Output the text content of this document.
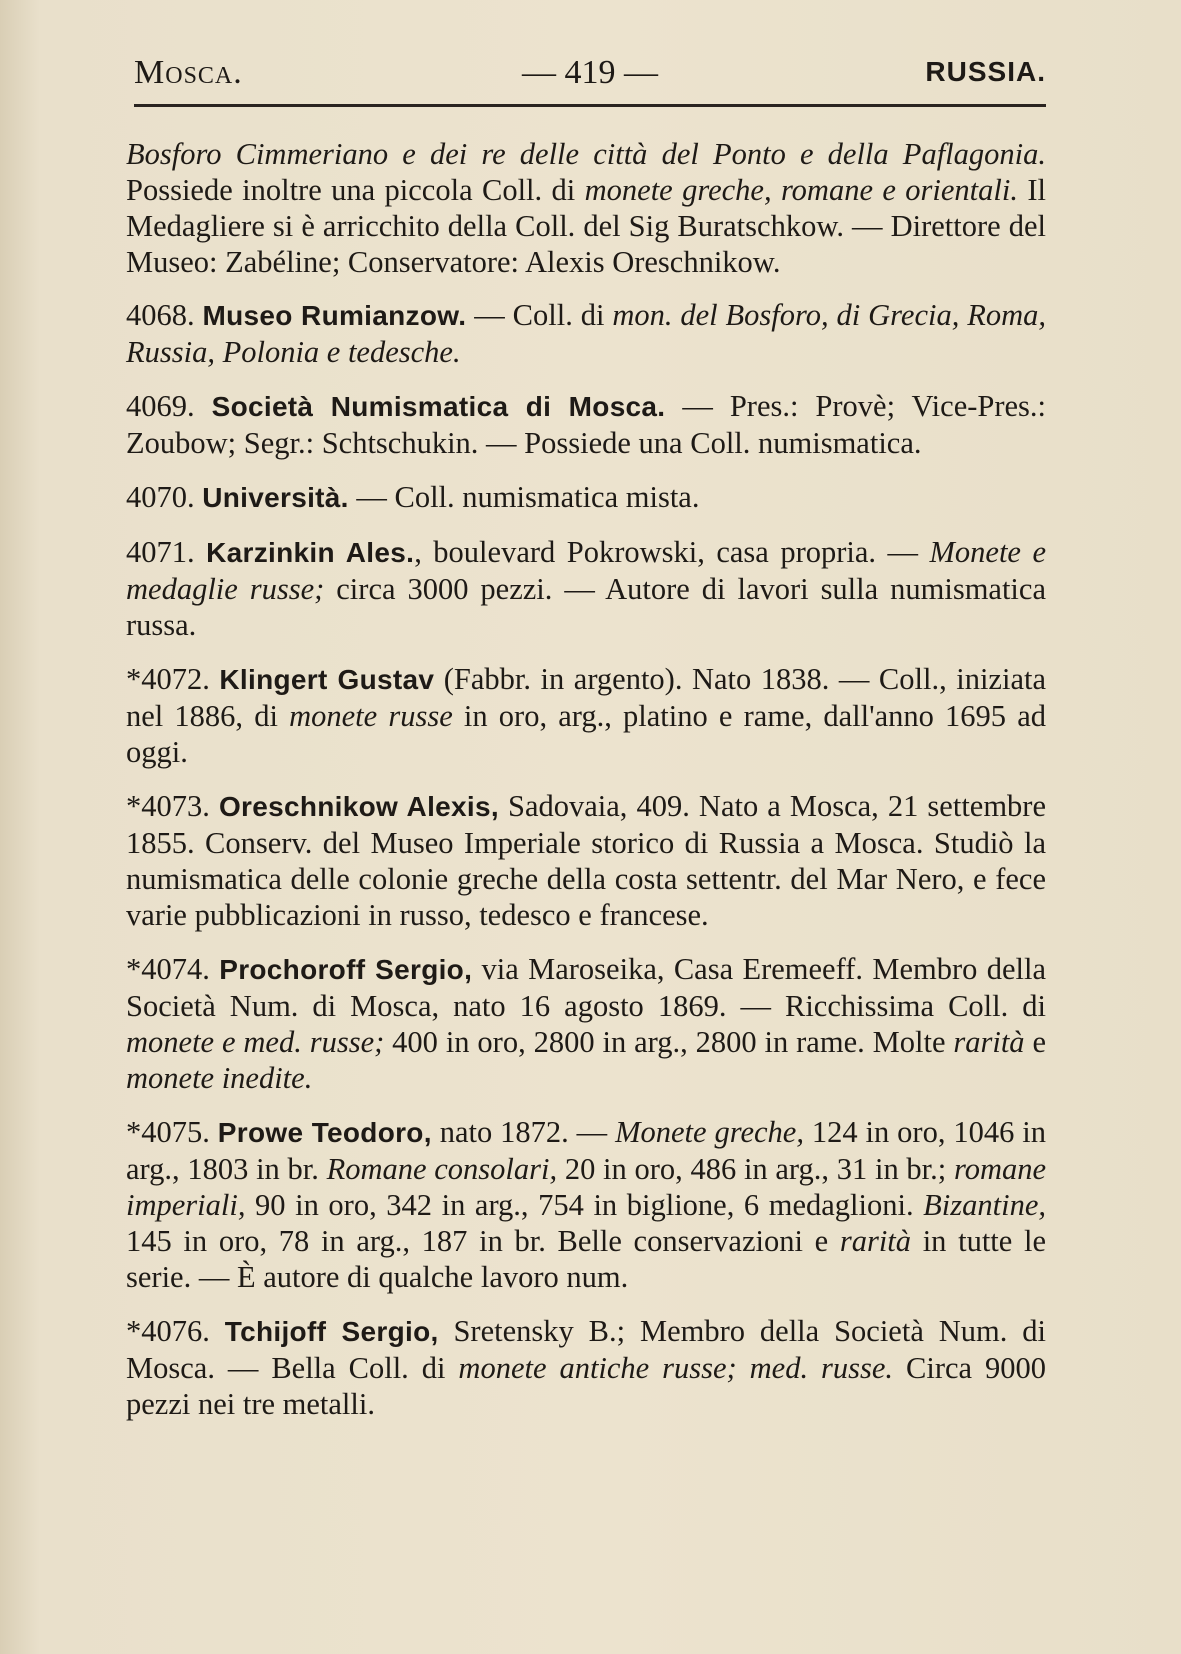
Mosca.	— 419 —	RUSSIA.

Bosforo Cimmeriano e dei re delle città del Ponto e della Paflagonia. Possiede inoltre una piccola Coll. di monete greche, romane e orientali. Il Medagliere si è arricchito della Coll. del Sig Buratschkow. — Direttore del Museo: Zabéline; Conservatore: Alexis Oreschnikow.

4068. Museo Rumianzow. — Coll. di mon. del Bosforo, di Grecia, Roma, Russia, Polonia e tedesche.

4069. Società Numismatica di Mosca. — Pres.: Provè; Vice-Pres.: Zoubow; Segr.: Schtschukin. — Possiede una Coll. numismatica.

4070. Università. — Coll. numismatica mista.

4071. Karzinkin Ales., boulevard Pokrowski, casa propria. — Monete e medaglie russe; circa 3000 pezzi. — Autore di lavori sulla numismatica russa.

*4072. Klingert Gustav (Fabbr. in argento). Nato 1838. — Coll., iniziata nel 1886, di monete russe in oro, arg., platino e rame, dall'anno 1695 ad oggi.

*4073. Oreschnikow Alexis, Sadovaia, 409. Nato a Mosca, 21 settembre 1855. Conserv. del Museo Imperiale storico di Russia a Mosca. Studiò la numismatica delle colonie greche della costa settentr. del Mar Nero, e fece varie pubblicazioni in russo, tedesco e francese.

*4074. Prochoroff Sergio, via Maroseika, Casa Eremeeff. Membro della Società Num. di Mosca, nato 16 agosto 1869. — Ricchissima Coll. di monete e med. russe; 400 in oro, 2800 in arg., 2800 in rame. Molte rarità e monete inedite.

*4075. Prowe Teodoro, nato 1872. — Monete greche, 124 in oro, 1046 in arg., 1803 in br. Romane consolari, 20 in oro, 486 in arg., 31 in br.; romane imperiali, 90 in oro, 342 in arg., 754 in biglione, 6 medaglioni. Bizantine, 145 in oro, 78 in arg., 187 in br. Belle conservazioni e rarità in tutte le serie. — È autore di qualche lavoro num.

*4076. Tchijoff Sergio, Sretensky B.; Membro della Società Num. di Mosca. — Bella Coll. di monete antiche russe; med. russe. Circa 9000 pezzi nei tre metalli.
